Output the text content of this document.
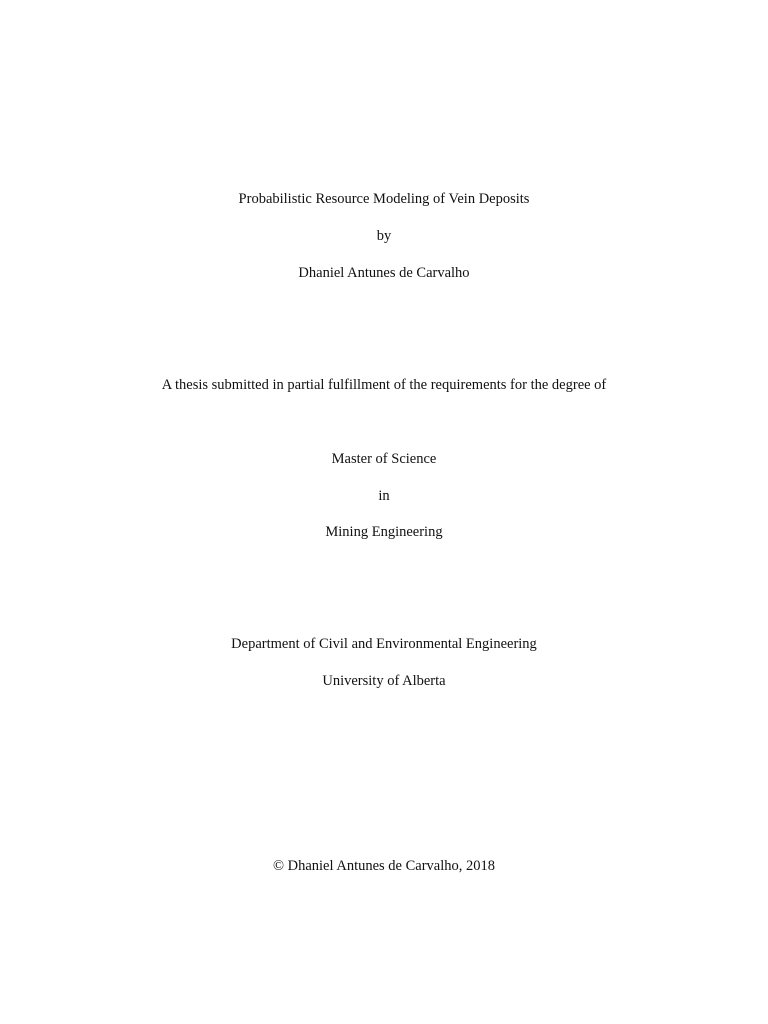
Probabilistic Resource Modeling of Vein Deposits
by
Dhaniel Antunes de Carvalho
A thesis submitted in partial fulfillment of the requirements for the degree of
Master of Science
in
Mining Engineering
Department of Civil and Environmental Engineering
University of Alberta
© Dhaniel Antunes de Carvalho, 2018
